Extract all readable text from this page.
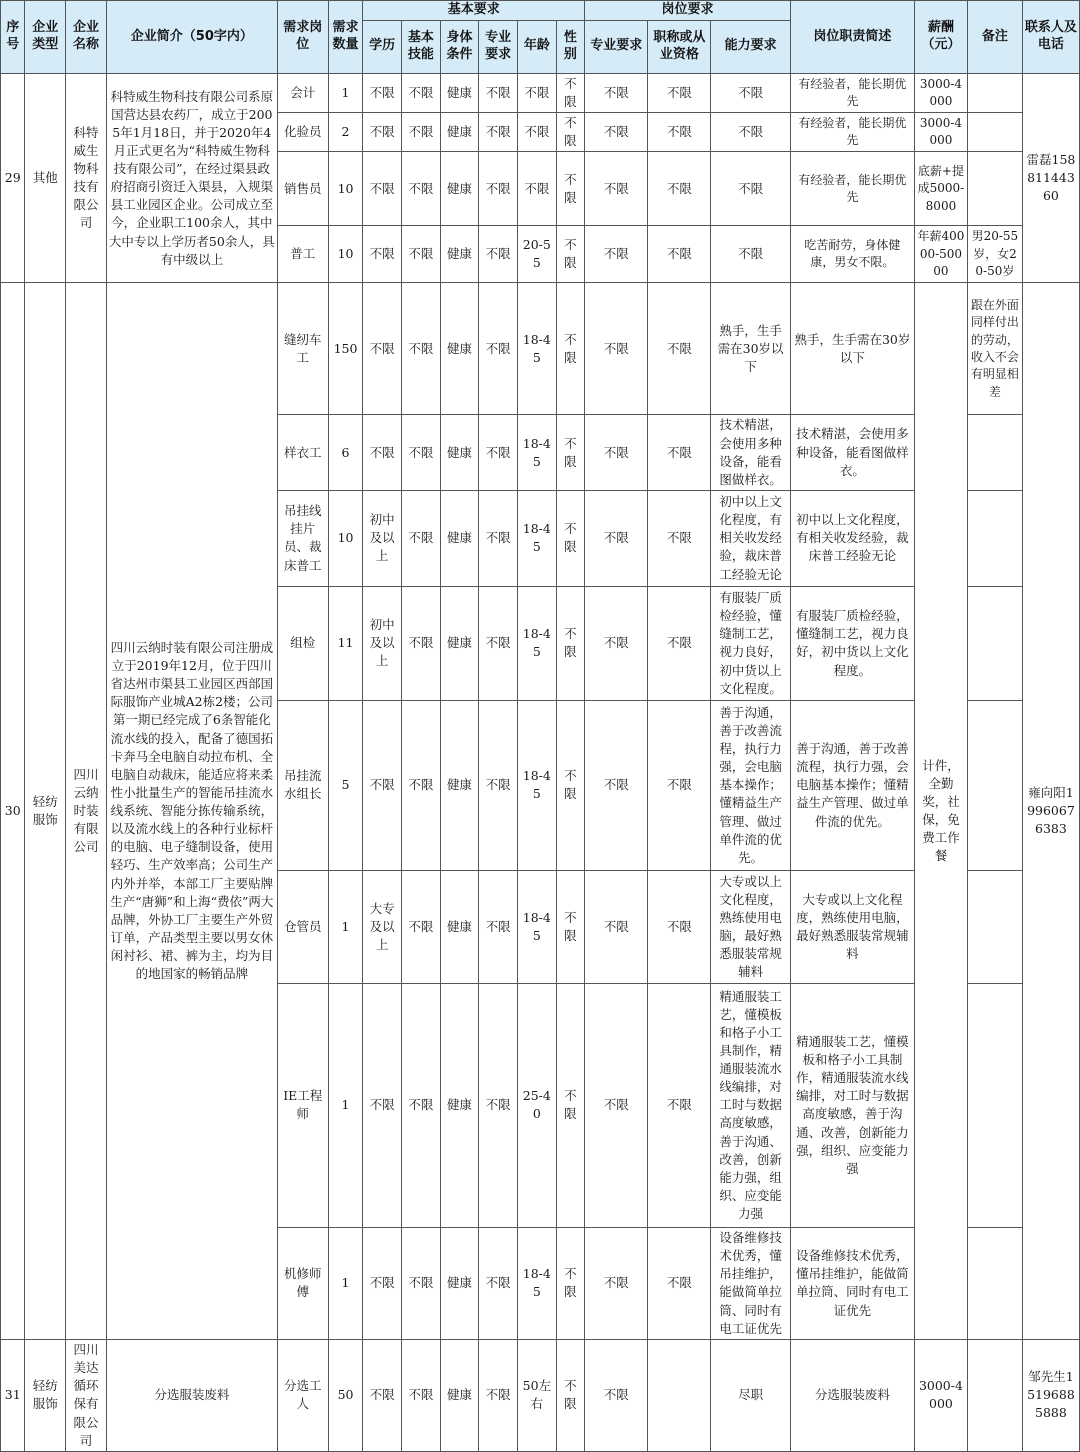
序号	企业类型	企业名称	企业简介（50字内）	需求岗位	需求数量	基本要求						岗位要求			岗位职责简述	薪酬（元）	备注	联系人及电话
						学历	基本技能	身体条件	专业要求	年龄	性别	专业要求	职称或从业资格	能力要求				
29	其他	科特威生物科技有限公司	科特威生物科技有限公司系原国营达县农药厂，成立于2005年1月18日，并于2020年4月正式更名为“科特威生物科技有限公司”，在经过渠县政府招商引资迁入渠县，入规渠县工业园区企业。公司成立至今，企业职工100余人，其中大中专以上学历者50余人，具有中级以上	会计	1	不限	不限	健康	不限	不限	不限	不限	不限	不限	有经验者，能长期优先	3000-4000		雷磊15881144360
				化验员	2	不限	不限	健康	不限	不限	不限	不限	不限	不限	有经验者，能长期优先	3000-4000		
				销售员	10	不限	不限	健康	不限	不限	不限	不限	不限	不限	有经验者，能长期优先	底薪+提成5000-8000		
				普工	10	不限	不限	健康	不限	20-55	不限	不限	不限	不限	吃苦耐劳，身体健康，男女不限。	年薪40000-50000	男20-55岁，女20-50岁	
30	轻纺服饰	四川云纳时装有限公司	四川云纳时装有限公司注册成立于2019年12月，位于四川省达州市渠县工业园区西部国际服饰产业城A2栋2楼；公司第一期已经完成了6条智能化流水线的投入，配备了德国拓卡奔马全电脑自动拉布机、全电脑自动裁床，能适应将来柔性小批量生产的智能吊挂流水线系统、智能分拣传输系统，以及流水线上的各种行业标杆的电脑、电子缝制设备，使用轻巧、生产效率高；公司生产内外并举，本部工厂主要贴牌生产“唐狮”和上海“费依”两大品牌，外协工厂主要生产外贸订单，产品类型主要以男女休闲衬衫、裙、裤为主，均为目的地国家的畅销品牌	缝纫车工	150	不限	不限	健康	不限	18-45	不限	不限	不限	熟手，生手需在30岁以下	熟手，生手需在30岁以下	计件，全勤奖，社保，免费工作餐	跟在外面同样付出的劳动，收入不会有明显相差	雍向阳19960676383
				样衣工	6	不限	不限	健康	不限	18-45	不限	不限	不限	技术精湛，会使用多种设备，能看图做样衣。	技术精湛，会使用多种设备，能看图做样衣。			
				吊挂线挂片员、裁床普工	10	初中及以上	不限	健康	不限	18-45	不限	不限	不限	初中以上文化程度，有相关收发经验，裁床普工经验无论	初中以上文化程度，有相关收发经验，裁床普工经验无论			
				组检	11	初中及以上	不限	健康	不限	18-45	不限	不限	不限	有服装厂质检经验，懂缝制工艺，视力良好，初中货以上文化程度。	有服装厂质检经验，懂缝制工艺，视力良好，初中货以上文化程度。			
				吊挂流水组长	5	不限	不限	健康	不限	18-45	不限	不限	不限	善于沟通，善于改善流程，执行力强，会电脑基本操作；懂精益生产管理、做过单件流的优先。	善于沟通，善于改善流程，执行力强，会电脑基本操作；懂精益生产管理、做过单件流的优先。			
				仓管员	1	大专及以上	不限	健康	不限	18-45	不限	不限	不限	大专或以上文化程度，熟练使用电脑，最好熟悉服装常规辅料	大专或以上文化程度，熟练使用电脑，最好熟悉服装常规辅料			
				IE工程师	1	不限	不限	健康	不限	25-40	不限	不限	不限	精通服装工艺，懂模板和格子小工具制作，精通服装流水线编排，对工时与数据高度敏感，善于沟通、改善，创新能力强，组织、应变能力强	精通服装工艺，懂模板和格子小工具制作，精通服装流水线编排，对工时与数据高度敏感，善于沟通、改善，创新能力强，组织、应变能力强			
				机修师傅	1	不限	不限	健康	不限	18-45	不限	不限	不限	设备维修技术优秀，懂吊挂维护，能做简单拉筒、同时有电工证优先	设备维修技术优秀，懂吊挂维护，能做简单拉筒、同时有电工证优先			
31	轻纺服饰	四川美达循环保有限公司	分选服装废料	分选工人	50	不限	不限	健康	不限	50左右	不限	不限		尽职	分选服装废料	3000-4000		邹先生15196885888
